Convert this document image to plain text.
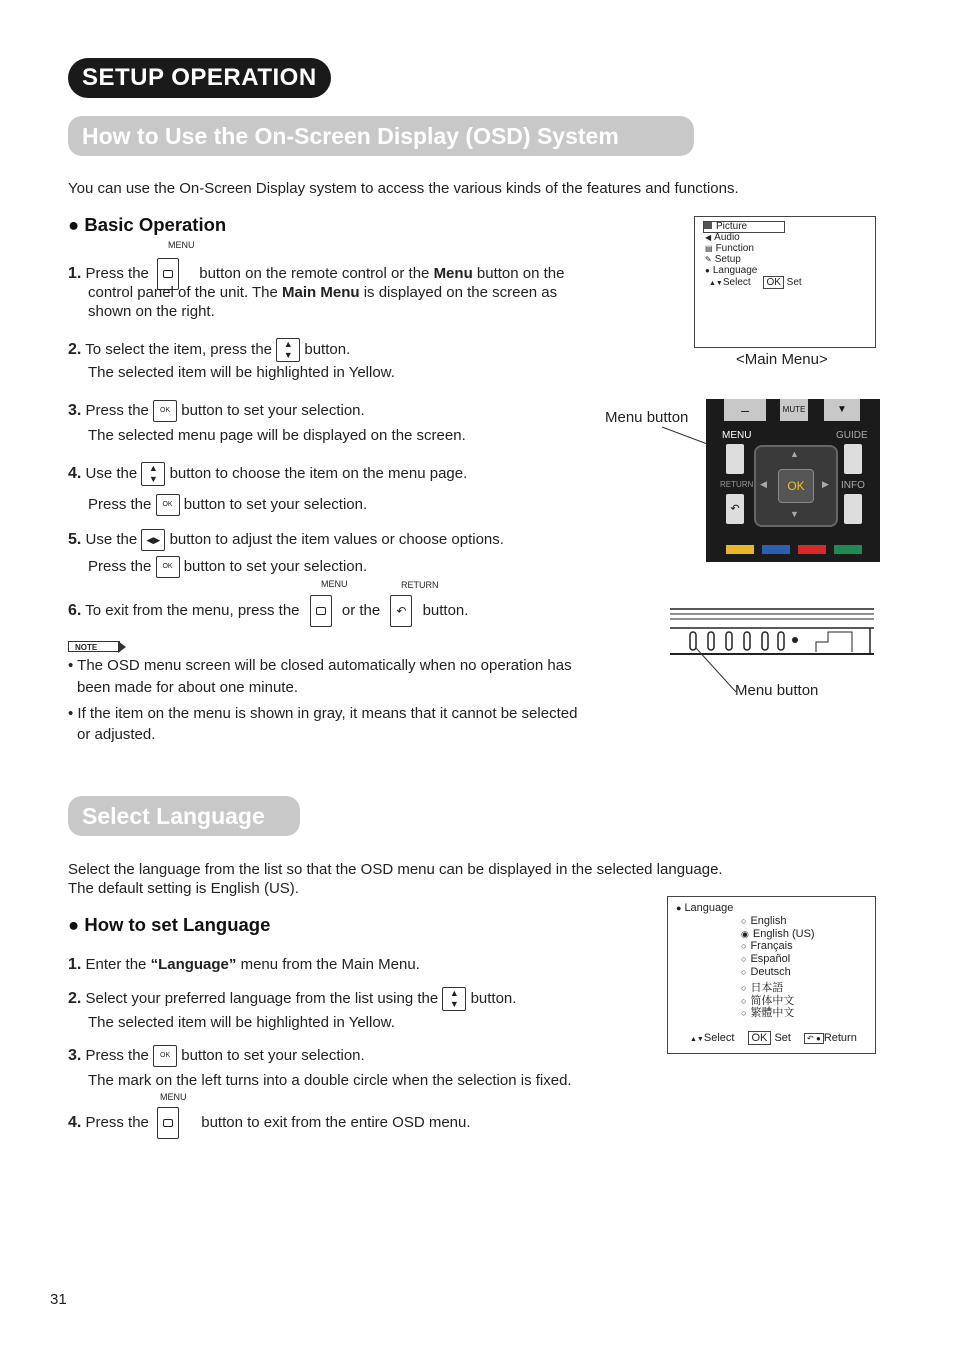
SETUP OPERATION
How to Use the On-Screen Display (OSD) System
You can use the On-Screen Display system to access the various kinds of the features and functions.
● Basic Operation
MENU
1. Press the	button on the remote control or the Menu button on the
control panel of the unit. The Main Menu is displayed on the screen as
shown on the right.
2. To select the item, press the ▲
▼ button.
The selected item will be highlighted in Yellow.
3. Press the OK button to set your selection.
The selected menu page will be displayed on the screen.
4. Use the ▲
▼ button to choose the item on the menu page.
Press the OK button to set your selection.
5. Use the ◀▶ button to adjust the item values or choose options.
Press the OK button to set your selection.
MENU	RETURN
6. To exit from the menu, press the	or the ↶ button.
NOTE
• The OSD menu screen will be closed automatically when no operation has
been made for about one minute.
• If the item on the menu is shown in gray, it means that it cannot be selected
or adjusted.
Picture
◀ Audio
▤ Function
✎ Setup
● Language
▲▼Select OK Set
<Main Menu>
Menu button	–	MUTE	▼
MENU	GUIDE
RETURN	INFO
↶
▲
▼
◀	▶
OK
Menu button
Select Language
Select the language from the list so that the OSD menu can be displayed in the selected language.
The default setting is English (US).
● How to set Language
1. Enter the “Language” menu from the Main Menu.
2. Select your preferred language from the list using the ▲
▼ button.
The selected item will be highlighted in Yellow.
3. Press the OK button to set your selection.
The mark on the left turns into a double circle when the selection is fixed.
MENU
4. Press the	button to exit from the entire OSD menu.
● Language
○ English
◉ English (US)
○ Français
○ Español
○ Deutsch
○ 日本語
○ 简体中文
○ 繁體中文
▲▼Select OK Set ↶ ● Return
31
